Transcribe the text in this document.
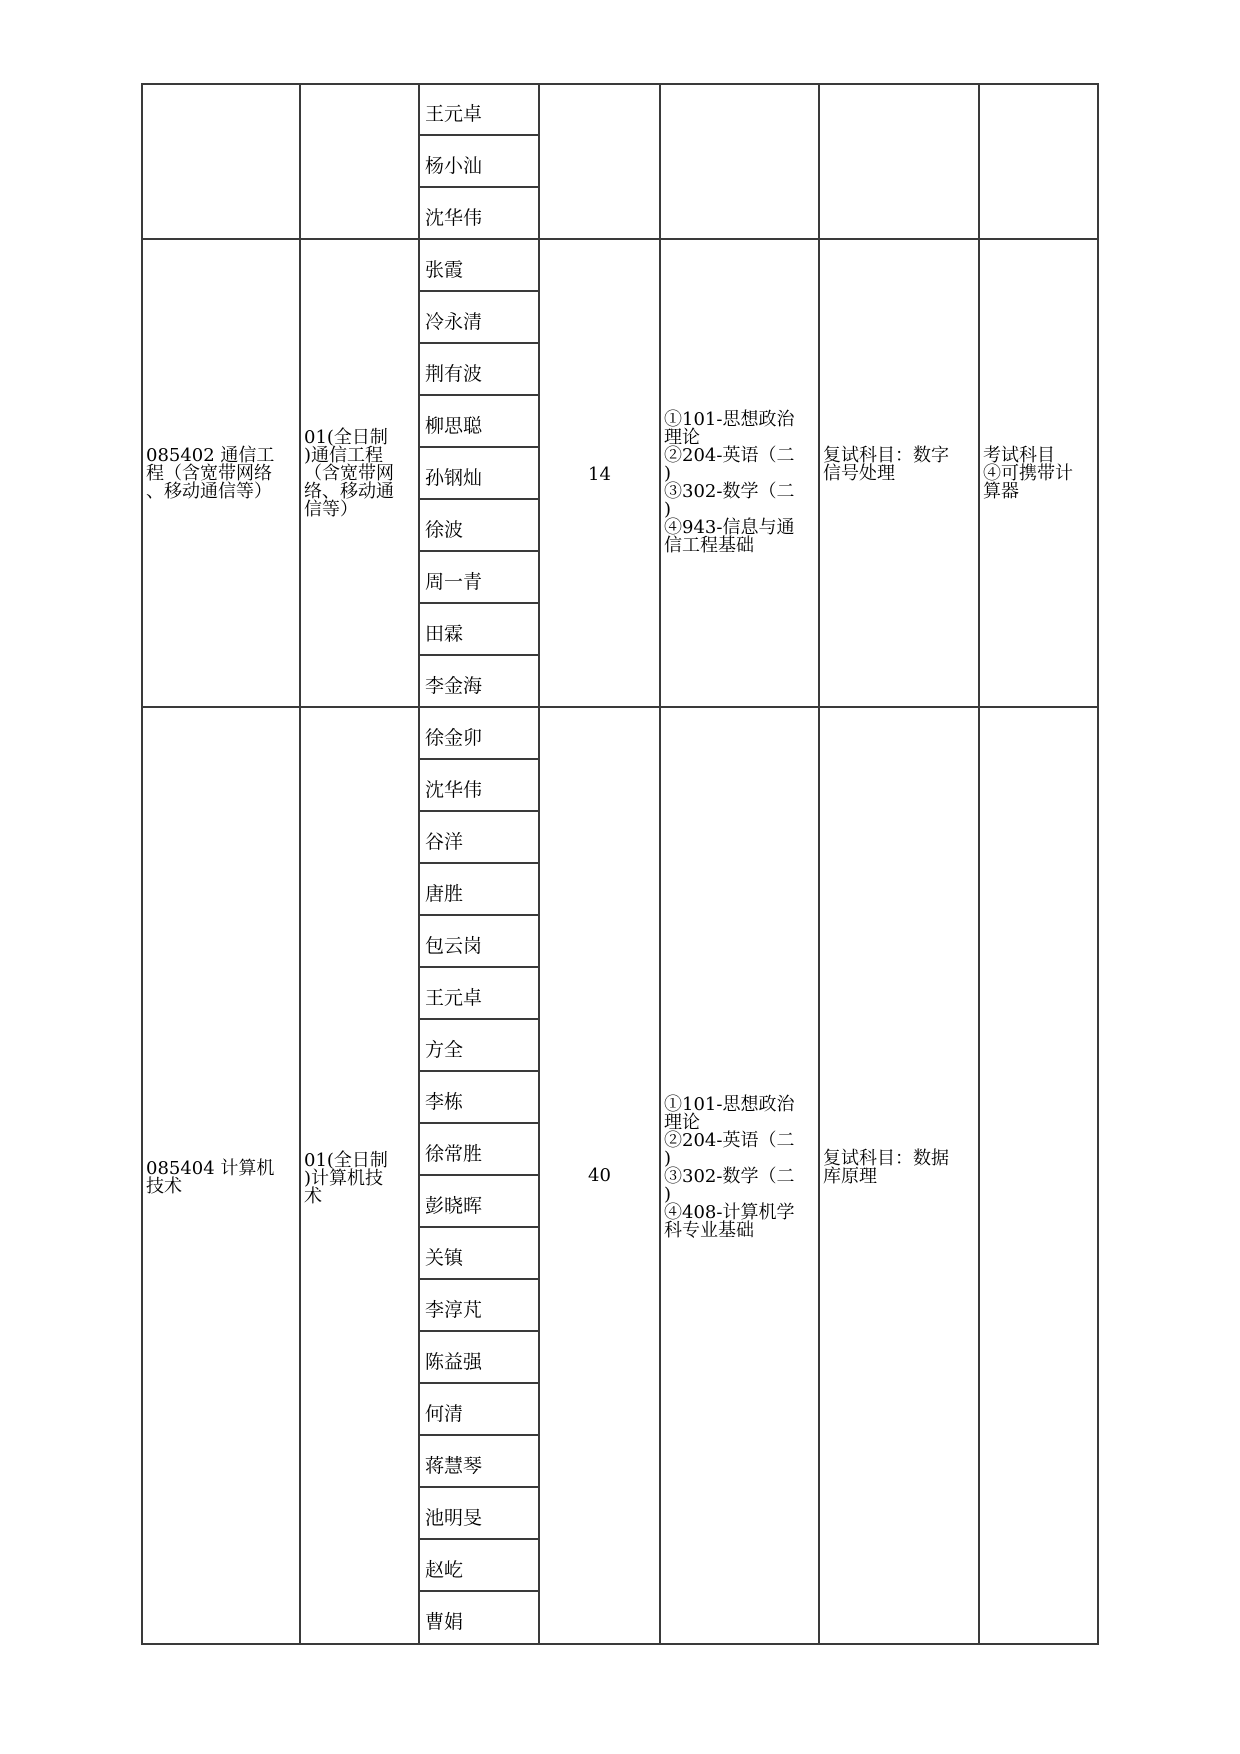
王元卓
杨小汕
沈华伟
085402 通信工
程（含宽带网络
、移动通信等）
01(全日制
)通信工程
（含宽带网
络、移动通
信等）
张霞
冷永清
荆有波
柳思聪
孙钢灿
徐波
周一青
田霖
李金海
14
①101-思想政治
理论
②204-英语（二
)
③302-数学（二
)
④943-信息与通
信工程基础
复试科目：数字
信号处理
考试科目
④可携带计
算器
085404 计算机
技术
01(全日制
)计算机技
术
徐金卯
沈华伟
谷洋
唐胜
包云岗
王元卓
方全
李栋
徐常胜
彭晓晖
关镇
李淳芃
陈益强
何清
蒋慧琴
池明旻
赵屹
曹娟
40
①101-思想政治
理论
②204-英语（二
)
③302-数学（二
)
④408-计算机学
科专业基础
复试科目：数据
库原理
